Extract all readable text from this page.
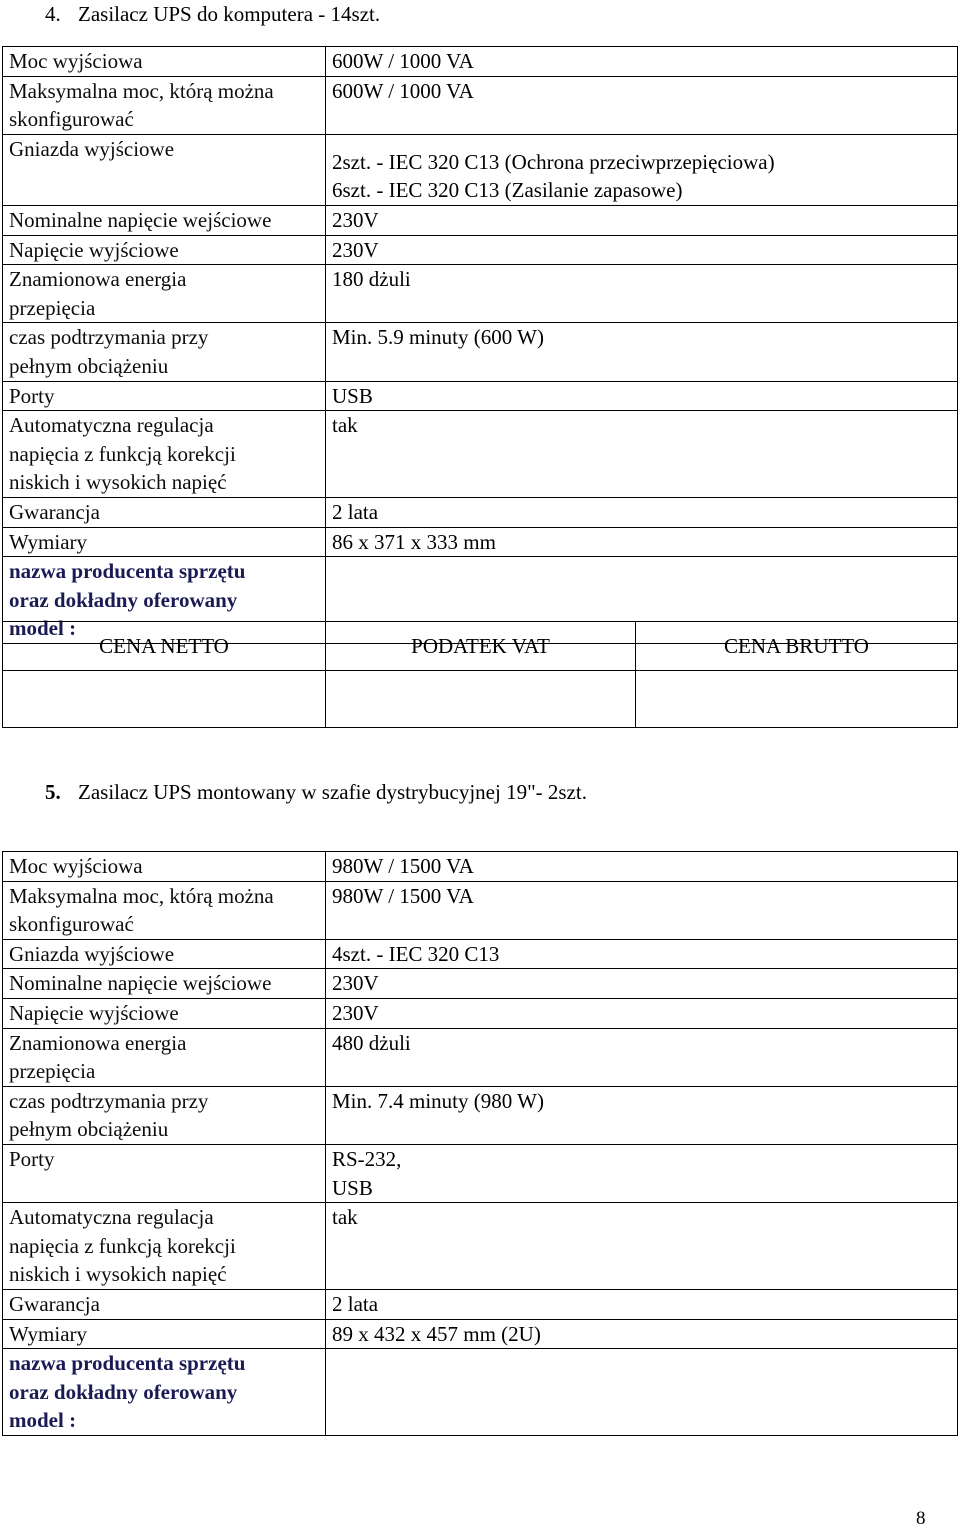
4. Zasilacz UPS do komputera - 14szt.
Moc wyjściowa	600W / 1000 VA
Maksymalna moc, którą można
skonfigurować	600W / 1000 VA
Gniazda wyjściowe	2szt. - IEC 320 C13 (Ochrona przeciwprzepięciowa)
6szt. - IEC 320 C13 (Zasilanie zapasowe)
Nominalne napięcie wejściowe	230V
Napięcie wyjściowe	230V
Znamionowa energia
przepięcia	180 dżuli
czas podtrzymania przy
pełnym obciążeniu	Min. 5.9 minuty (600 W)
Porty	USB
Automatyczna regulacja
napięcia z funkcją korekcji
niskich i wysokich napięć	tak
Gwarancja	2 lata
Wymiary	86 x 371 x 333 mm
nazwa producenta sprzętu
oraz dokładny oferowany
model :	
CENA NETTO	PODATEK VAT	CENA BRUTTO

5. Zasilacz UPS montowany w szafie dystrybucyjnej 19"- 2szt.
Moc wyjściowa	980W / 1500 VA
Maksymalna moc, którą można
skonfigurować	980W / 1500 VA
Gniazda wyjściowe	4szt. - IEC 320 C13
Nominalne napięcie wejściowe	230V
Napięcie wyjściowe	230V
Znamionowa energia
przepięcia	480 dżuli
czas podtrzymania przy
pełnym obciążeniu	Min. 7.4 minuty (980 W)
Porty	RS-232,
USB
Automatyczna regulacja
napięcia z funkcją korekcji
niskich i wysokich napięć	tak
Gwarancja	2 lata
Wymiary	89 x 432 x 457 mm (2U)
nazwa producenta sprzętu
oraz dokładny oferowany
model :	
8
